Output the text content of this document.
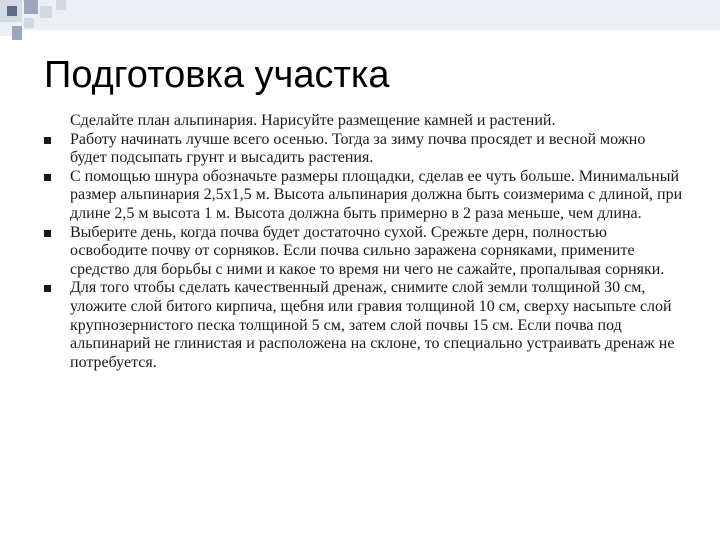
Подготовка участка

Сделайте план альпинария. Нарисуйте размещение камней и растений.

Работу начинать лучше всего осенью. Тогда за зиму почва просядет и весной можно будет подсыпать грунт и высадить растения.
С помощью шнура обозначьте размеры площадки, сделав ее чуть больше. Минимальный размер альпинария 2,5х1,5 м. Высота альпинария должна быть соизмерима с длиной, при длине 2,5 м высота 1 м. Высота должна быть примерно в 2 раза меньше, чем длина.
Выберите день, когда почва будет достаточно сухой. Срежьте дерн, полностью освободите почву от сорняков. Если почва сильно заражена сорняками, примените средство для борьбы с ними и какое то время ни чего не сажайте, пропалывая сорняки.
Для того чтобы сделать качественный дренаж, снимите слой земли толщиной 30 см, уложите слой битого кирпича, щебня или гравия толщиной 10 см, сверху насыпьте слой крупнозернистого песка толщиной 5 см, затем слой почвы 15 см. Если почва под альпинарий не глинистая и расположена на склоне, то специально устраивать дренаж не потребуется.
